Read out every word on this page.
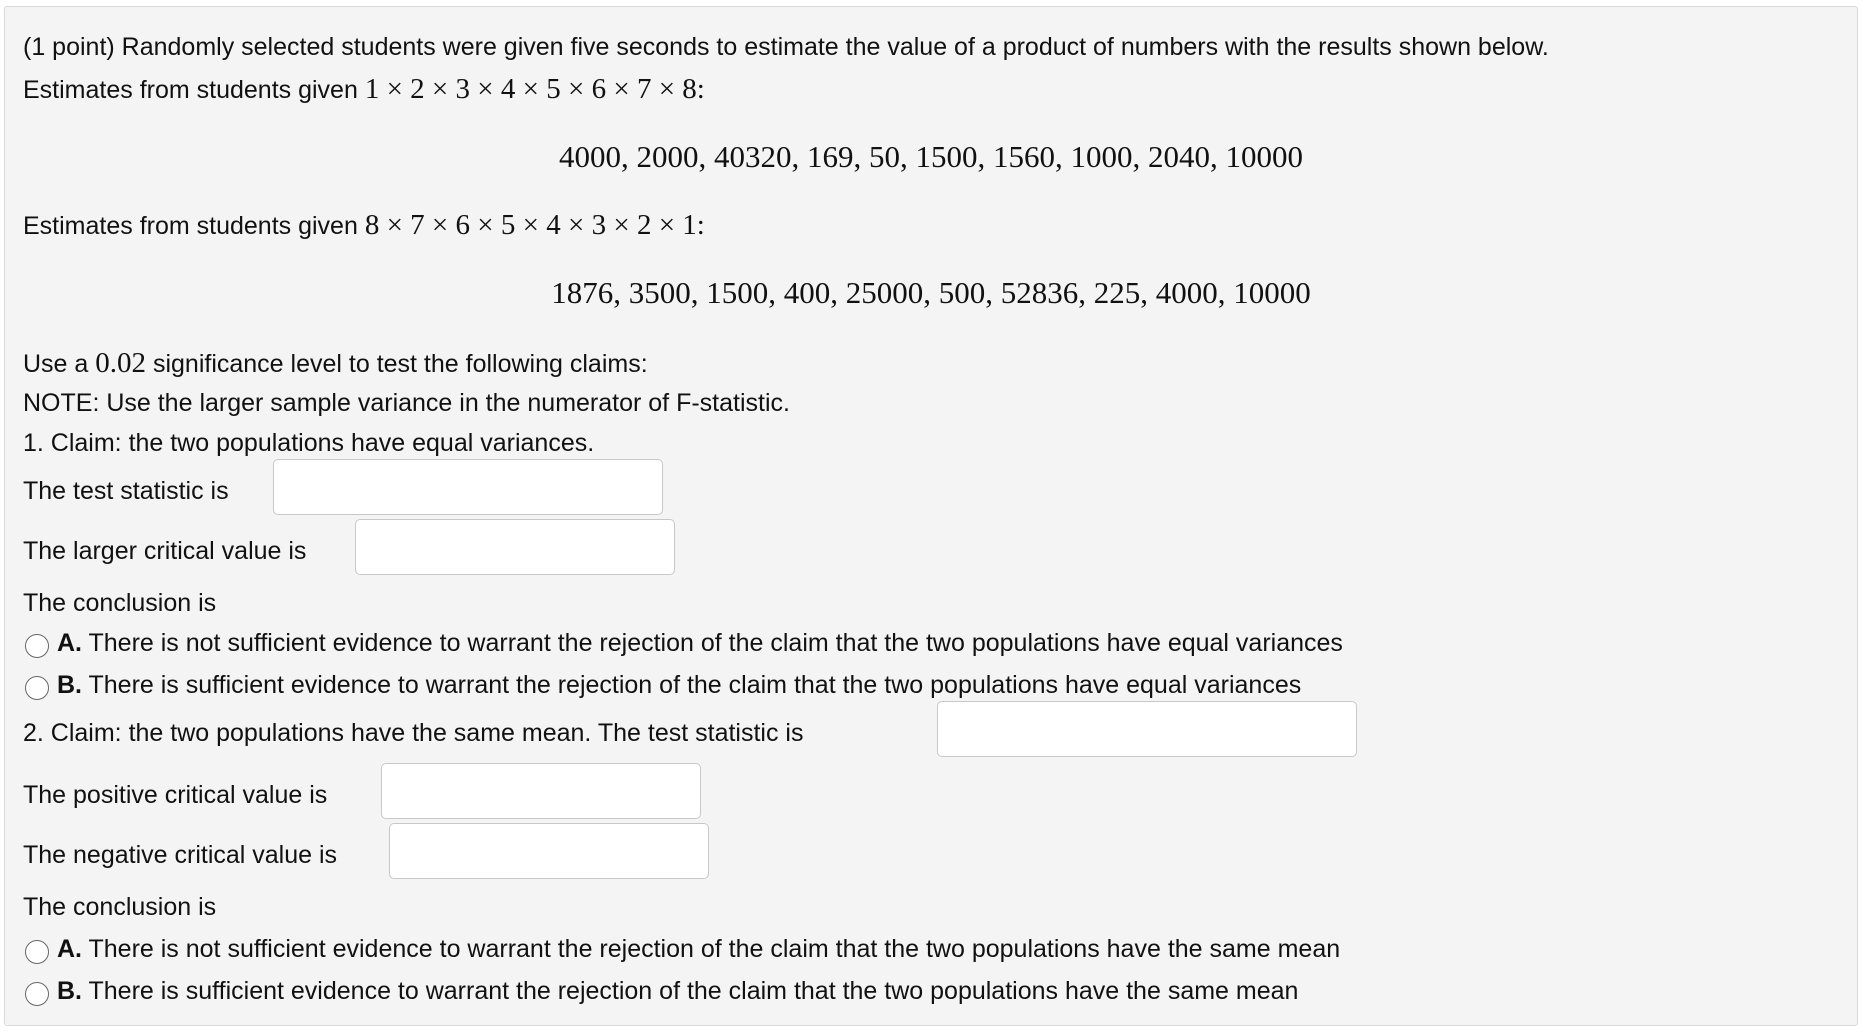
(1 point) Randomly selected students were given five seconds to estimate the value of a product of numbers with the results shown below.
Estimates from students given 1 × 2 × 3 × 4 × 5 × 6 × 7 × 8:
4000, 2000, 40320, 169, 50, 1500, 1560, 1000, 2040, 10000
Estimates from students given 8 × 7 × 6 × 5 × 4 × 3 × 2 × 1:
1876, 3500, 1500, 400, 25000, 500, 52836, 225, 4000, 10000
Use a 0.02 significance level to test the following claims:
NOTE: Use the larger sample variance in the numerator of F-statistic.
1. Claim: the two populations have equal variances.
The test statistic is
The larger critical value is
The conclusion is
A. There is not sufficient evidence to warrant the rejection of the claim that the two populations have equal variances
B. There is sufficient evidence to warrant the rejection of the claim that the two populations have equal variances
2. Claim: the two populations have the same mean. The test statistic is
The positive critical value is
The negative critical value is
The conclusion is
A. There is not sufficient evidence to warrant the rejection of the claim that the two populations have the same mean
B. There is sufficient evidence to warrant the rejection of the claim that the two populations have the same mean
